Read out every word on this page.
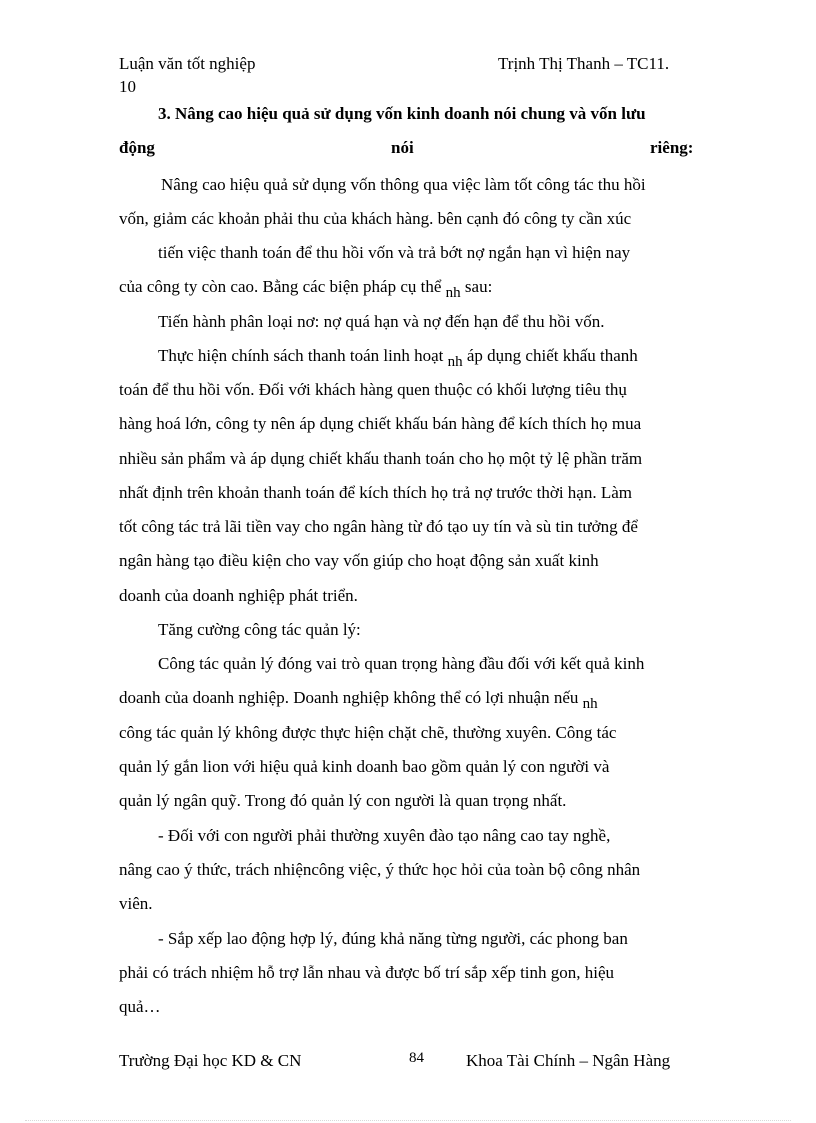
Luận văn tốt nghiệp	Trịnh Thị Thanh – TC11.
10
3. Nâng cao hiệu quả sử dụng vốn kinh doanh nói chung và vốn lưu
động	nói	riêng:
Nâng cao hiệu quả sử dụng vốn thông qua việc làm tốt công tác thu hồi
vốn, giảm các khoản phải thu của khách hàng. bên cạnh đó công ty cần xúc
tiến việc thanh toán để thu hồi vốn và trả bớt nợ ngắn hạn vì hiện nay
của công ty còn cao. Bằng các biện pháp cụ thể nh sau:
Tiến hành phân loại nơ: nợ quá hạn và nợ đến hạn để thu hồi vốn.
Thực hiện chính sách thanh toán linh hoạt nh áp dụng chiết khấu thanh
toán để thu hồi vốn. Đối với khách hàng quen thuộc có khối lượng tiêu thụ
hàng hoá lớn, công ty nên áp dụng chiết khấu bán hàng để kích thích họ mua
nhiều sản phẩm và áp dụng chiết khấu thanh toán cho họ một tỷ lệ phần trăm
nhất định trên khoản thanh toán để kích thích họ trả nợ trước thời hạn. Làm
tốt công tác trả lãi tiền vay cho ngân hàng từ đó tạo uy tín và sù tin tưởng để
ngân hàng tạo điều kiện cho vay vốn giúp cho hoạt động sản xuất kinh
doanh của doanh nghiệp phát triển.
Tăng cường công tác quản lý:
Công tác quản lý đóng vai trò quan trọng hàng đầu đối với kết quả kinh
doanh của doanh nghiệp. Doanh nghiệp không thể có lợi nhuận nếu nh
công tác quản lý không được thực hiện chặt chẽ, thường xuyên. Công tác
quản lý gắn lion với hiệu quả kinh doanh bao gồm quản lý con người và
quản lý ngân quỹ. Trong đó quản lý con người là quan trọng nhất.
- Đối với con người phải thường xuyên đào tạo nâng cao tay nghề,
nâng cao ý thức, trách nhiệncông việc, ý thức học hỏi của toàn bộ công nhân
viên.
- Sắp xếp lao động hợp lý, đúng khả năng từng người, các phong ban
phải có trách nhiệm hỗ trợ lẫn nhau và được bố trí sắp xếp tinh gon, hiệu
quả…
Trường Đại học KD & CN	84 Khoa Tài Chính – Ngân Hàng
